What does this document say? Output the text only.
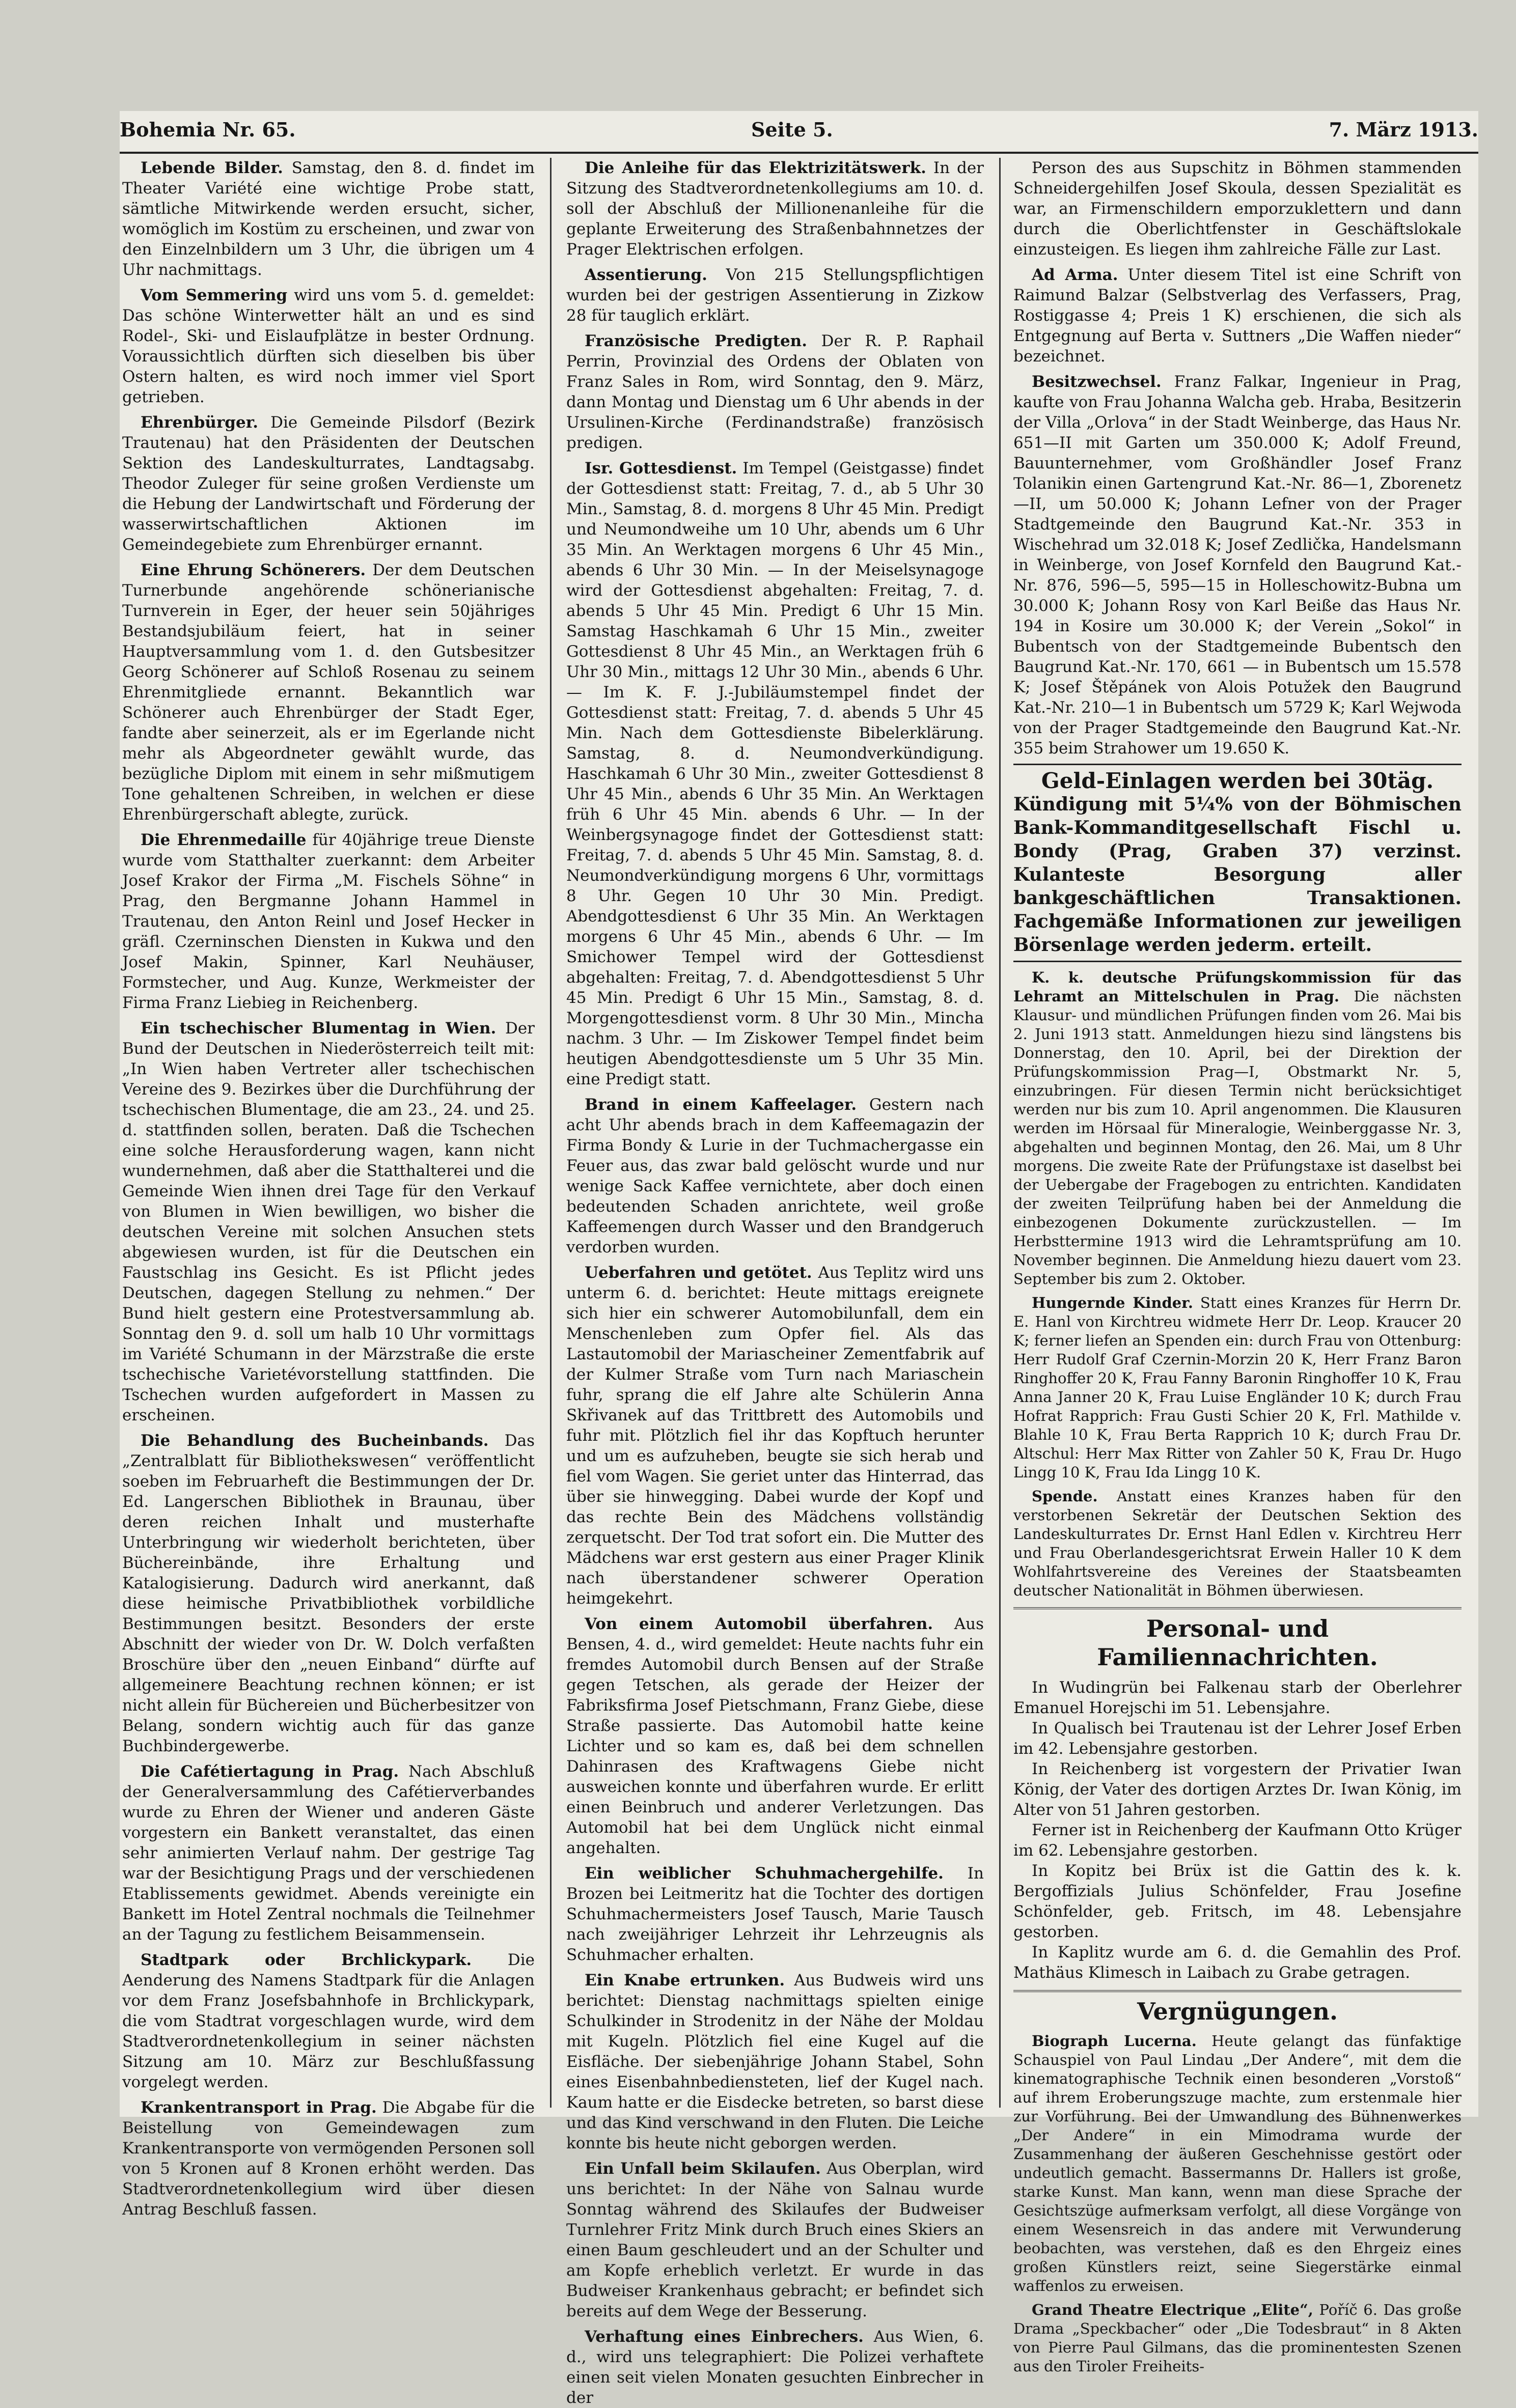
Bohemia Nr. 65.	Seite 5.	7. März 1913.

Lebende Bilder. Samstag, den 8. d. findet im Theater Variété eine wichtige Probe statt, sämtliche Mitwirkende werden ersucht, sicher, womöglich im Kostüm zu erscheinen, und zwar von den Einzelnbildern um 3 Uhr, die übrigen um 4 Uhr nachmittags.

Vom Semmering wird uns vom 5. d. gemeldet: Das schöne Winterwetter hält an und es sind Rodel-, Ski- und Eislaufplätze in bester Ordnung. Voraussichtlich dürften sich dieselben bis über Ostern halten, es wird noch immer viel Sport getrieben.

Ehrenbürger. Die Gemeinde Pilsdorf (Bezirk Trautenau) hat den Präsidenten der Deutschen Sektion des Landeskulturrates, Landtagsabg. Theodor Zuleger für seine großen Verdienste um die Hebung der Landwirtschaft und Förderung der wasserwirtschaftlichen Aktionen im Gemeindegebiete zum Ehrenbürger ernannt.

Eine Ehrung Schönerers. Der dem Deutschen Turnerbunde angehörende schönerianische Turnverein in Eger, der heuer sein 50jähriges Bestandsjubiläum feiert, hat in seiner Hauptversammlung vom 1. d. den Gutsbesitzer Georg Schönerer auf Schloß Rosenau zu seinem Ehrenmitgliede ernannt. Bekanntlich war Schönerer auch Ehrenbürger der Stadt Eger, fandte aber seinerzeit, als er im Egerlande nicht mehr als Abgeordneter gewählt wurde, das bezügliche Diplom mit einem in sehr mißmutigem Tone gehaltenen Schreiben, in welchen er diese Ehrenbürgerschaft ablegte, zurück.

Die Ehrenmedaille für 40jährige treue Dienste wurde vom Statthalter zuerkannt: dem Arbeiter Josef Krakor der Firma „M. Fischels Söhne“ in Prag, den Bergmanne Johann Hammel in Trautenau, den Anton Reinl und Josef Hecker in gräfl. Czerninschen Diensten in Kukwa und den Josef Makin, Spinner, Karl Neuhäuser, Formstecher, und Aug. Kunze, Werkmeister der Firma Franz Liebieg in Reichenberg.

Ein tschechischer Blumentag in Wien. Der Bund der Deutschen in Niederösterreich teilt mit: „In Wien haben Vertreter aller tschechischen Vereine des 9. Bezirkes über die Durchführung der tschechischen Blumentage, die am 23., 24. und 25. d. stattfinden sollen, beraten. Daß die Tschechen eine solche Herausforderung wagen, kann nicht wundernehmen, daß aber die Statthalterei und die Gemeinde Wien ihnen drei Tage für den Verkauf von Blumen in Wien bewilligen, wo bisher die deutschen Vereine mit solchen Ansuchen stets abgewiesen wurden, ist für die Deutschen ein Faustschlag ins Gesicht. Es ist Pflicht jedes Deutschen, dagegen Stellung zu nehmen.“ Der Bund hielt gestern eine Protestversammlung ab. Sonntag den 9. d. soll um halb 10 Uhr vormittags im Variété Schumann in der Märzstraße die erste tschechische Varietévorstellung stattfinden. Die Tschechen wurden aufgefordert in Massen zu erscheinen.

Die Behandlung des Bucheinbands. Das „Zentralblatt für Bibliothekswesen“ veröffentlicht soeben im Februarheft die Bestimmungen der Dr. Ed. Langerschen Bibliothek in Braunau, über deren reichen Inhalt und musterhafte Unterbringung wir wiederholt berichteten, über Büchereinbände, ihre Erhaltung und Katalogisierung. Dadurch wird anerkannt, daß diese heimische Privatbibliothek vorbildliche Bestimmungen besitzt. Besonders der erste Abschnitt der wieder von Dr. W. Dolch verfaßten Broschüre über den „neuen Einband“ dürfte auf allgemeinere Beachtung rechnen können; er ist nicht allein für Büchereien und Bücherbesitzer von Belang, sondern wichtig auch für das ganze Buchbindergewerbe.

Die Cafétiertagung in Prag. Nach Abschluß der Generalversammlung des Cafétierverbandes wurde zu Ehren der Wiener und anderen Gäste vorgestern ein Bankett veranstaltet, das einen sehr animierten Verlauf nahm. Der gestrige Tag war der Besichtigung Prags und der verschiedenen Etablissements gewidmet. Abends vereinigte ein Bankett im Hotel Zentral nochmals die Teilnehmer an der Tagung zu festlichem Beisammensein.

Stadtpark oder Brchlickypark. Die Aenderung des Namens Stadtpark für die Anlagen vor dem Franz Josefsbahnhofe in Brchlickypark, die vom Stadtrat vorgeschlagen wurde, wird dem Stadtverordnetenkollegium in seiner nächsten Sitzung am 10. März zur Beschlußfassung vorgelegt werden.

Krankentransport in Prag. Die Abgabe für die Beistellung von Gemeindewagen zum Krankentransporte von vermögenden Personen soll von 5 Kronen auf 8 Kronen erhöht werden. Das Stadtverordnetenkollegium wird über diesen Antrag Beschluß fassen.

Die Anleihe für das Elektrizitätswerk. In der Sitzung des Stadtverordnetenkollegiums am 10. d. soll der Abschluß der Millionenanleihe für die geplante Erweiterung des Straßenbahnnetzes der Prager Elektrischen erfolgen.

Assentierung. Von 215 Stellungspflichtigen wurden bei der gestrigen Assentierung in Zizkow 28 für tauglich erklärt.

Französische Predigten. Der R. P. Raphail Perrin, Provinzial des Ordens der Oblaten von Franz Sales in Rom, wird Sonntag, den 9. März, dann Montag und Dienstag um 6 Uhr abends in der Ursulinen-Kirche (Ferdinandstraße) französisch predigen.

Isr. Gottesdienst. Im Tempel (Geistgasse) findet der Gottesdienst statt: Freitag, 7. d., ab 5 Uhr 30 Min., Samstag, 8. d. morgens 8 Uhr 45 Min. Predigt und Neumondweihe um 10 Uhr, abends um 6 Uhr 35 Min. An Werktagen morgens 6 Uhr 45 Min., abends 6 Uhr 30 Min. — In der Meiselsynagoge wird der Gottesdienst abgehalten: Freitag, 7. d. abends 5 Uhr 45 Min. Predigt 6 Uhr 15 Min. Samstag Haschkamah 6 Uhr 15 Min., zweiter Gottesdienst 8 Uhr 45 Min., an Werktagen früh 6 Uhr 30 Min., mittags 12 Uhr 30 Min., abends 6 Uhr. — Im K. F. J.-Jubiläumstempel findet der Gottesdienst statt: Freitag, 7. d. abends 5 Uhr 45 Min. Nach dem Gottesdienste Bibelerklärung. Samstag, 8. d. Neumondverkündigung. Haschkamah 6 Uhr 30 Min., zweiter Gottesdienst 8 Uhr 45 Min., abends 6 Uhr 35 Min. An Werktagen früh 6 Uhr 45 Min. abends 6 Uhr. — In der Weinbergsynagoge findet der Gottesdienst statt: Freitag, 7. d. abends 5 Uhr 45 Min. Samstag, 8. d. Neumondverkündigung morgens 6 Uhr, vormittags 8 Uhr. Gegen 10 Uhr 30 Min. Predigt. Abendgottesdienst 6 Uhr 35 Min. An Werktagen morgens 6 Uhr 45 Min., abends 6 Uhr. — Im Smichower Tempel wird der Gottesdienst abgehalten: Freitag, 7. d. Abendgottesdienst 5 Uhr 45 Min. Predigt 6 Uhr 15 Min., Samstag, 8. d. Morgengottesdienst vorm. 8 Uhr 30 Min., Mincha nachm. 3 Uhr. — Im Ziskower Tempel findet beim heutigen Abendgottesdienste um 5 Uhr 35 Min. eine Predigt statt.

Brand in einem Kaffeelager. Gestern nach acht Uhr abends brach in dem Kaffeemagazin der Firma Bondy & Lurie in der Tuchmachergasse ein Feuer aus, das zwar bald gelöscht wurde und nur wenige Sack Kaffee vernichtete, aber doch einen bedeutenden Schaden anrichtete, weil große Kaffeemengen durch Wasser und den Brandgeruch verdorben wurden.

Ueberfahren und getötet. Aus Teplitz wird uns unterm 6. d. berichtet: Heute mittags ereignete sich hier ein schwerer Automobilunfall, dem ein Menschenleben zum Opfer fiel. Als das Lastautomobil der Mariascheiner Zementfabrik auf der Kulmer Straße vom Turn nach Mariaschein fuhr, sprang die elf Jahre alte Schülerin Anna Skřivanek auf das Trittbrett des Automobils und fuhr mit. Plötzlich fiel ihr das Kopftuch herunter und um es aufzuheben, beugte sie sich herab und fiel vom Wagen. Sie geriet unter das Hinterrad, das über sie hinwegging. Dabei wurde der Kopf und das rechte Bein des Mädchens vollständig zerquetscht. Der Tod trat sofort ein. Die Mutter des Mädchens war erst gestern aus einer Prager Klinik nach überstandener schwerer Operation heimgekehrt.

Von einem Automobil überfahren. Aus Bensen, 4. d., wird gemeldet: Heute nachts fuhr ein fremdes Automobil durch Bensen auf der Straße gegen Tetschen, als gerade der Heizer der Fabriksfirma Josef Pietschmann, Franz Giebe, diese Straße passierte. Das Automobil hatte keine Lichter und so kam es, daß bei dem schnellen Dahinrasen des Kraftwagens Giebe nicht ausweichen konnte und überfahren wurde. Er erlitt einen Beinbruch und anderer Verletzungen. Das Automobil hat bei dem Unglück nicht einmal angehalten.

Ein weiblicher Schuhmachergehilfe. In Brozen bei Leitmeritz hat die Tochter des dortigen Schuhmachermeisters Josef Tausch, Marie Tausch nach zweijähriger Lehrzeit ihr Lehrzeugnis als Schuhmacher erhalten.

Ein Knabe ertrunken. Aus Budweis wird uns berichtet: Dienstag nachmittags spielten einige Schulkinder in Strodenitz in der Nähe der Moldau mit Kugeln. Plötzlich fiel eine Kugel auf die Eisfläche. Der siebenjährige Johann Stabel, Sohn eines Eisenbahnbediensteten, lief der Kugel nach. Kaum hatte er die Eisdecke betreten, so barst diese und das Kind verschwand in den Fluten. Die Leiche konnte bis heute nicht geborgen werden.

Ein Unfall beim Skilaufen. Aus Oberplan, wird uns berichtet: In der Nähe von Salnau wurde Sonntag während des Skilaufes der Budweiser Turnlehrer Fritz Mink durch Bruch eines Skiers an einen Baum geschleudert und an der Schulter und am Kopfe erheblich verletzt. Er wurde in das Budweiser Krankenhaus gebracht; er befindet sich bereits auf dem Wege der Besserung.

Verhaftung eines Einbrechers. Aus Wien, 6. d., wird uns telegraphiert: Die Polizei verhaftete einen seit vielen Monaten gesuchten Einbrecher in der

Person des aus Supschitz in Böhmen stammenden Schneidergehilfen Josef Skoula, dessen Spezialität es war, an Firmenschildern emporzuklettern und dann durch die Oberlichtfenster in Geschäftslokale einzusteigen. Es liegen ihm zahlreiche Fälle zur Last.

Ad Arma. Unter diesem Titel ist eine Schrift von Raimund Balzar (Selbstverlag des Verfassers, Prag, Rostiggasse 4; Preis 1 K) erschienen, die sich als Entgegnung auf Berta v. Suttners „Die Waffen nieder“ bezeichnet.

Besitzwechsel. Franz Falkar, Ingenieur in Prag, kaufte von Frau Johanna Walcha geb. Hraba, Besitzerin der Villa „Orlova“ in der Stadt Weinberge, das Haus Nr. 651—II mit Garten um 350.000 K; Adolf Freund, Bauunternehmer, vom Großhändler Josef Franz Tolanikin einen Gartengrund Kat.-Nr. 86—1, Zborenetz—II, um 50.000 K; Johann Lefner von der Prager Stadtgemeinde den Baugrund Kat.-Nr. 353 in Wischehrad um 32.018 K; Josef Zedlička, Handelsmann in Weinberge, von Josef Kornfeld den Baugrund Kat.-Nr. 876, 596—5, 595—15 in Holleschowitz-Bubna um 30.000 K; Johann Rosy von Karl Beiße das Haus Nr. 194 in Kosire um 30.000 K; der Verein „Sokol“ in Bubentsch von der Stadtgemeinde Bubentsch den Baugrund Kat.-Nr. 170, 661 — in Bubentsch um 15.578 K; Josef Štěpánek von Alois Potužek den Baugrund Kat.-Nr. 210—1 in Bubentsch um 5729 K; Karl Wejwoda von der Prager Stadtgemeinde den Baugrund Kat.-Nr. 355 beim Strahower um 19.650 K.

Geld-Einlagen werden bei 30täg.
Kündigung mit 5¼% von der Böhmischen Bank-Kommanditgesellschaft Fischl u. Bondy (Prag, Graben 37) verzinst. Kulanteste Besorgung aller bankgeschäftlichen Transaktionen. Fachgemäße Informationen zur jeweiligen Börsenlage werden jederm. erteilt.

K. k. deutsche Prüfungskommission für das Lehramt an Mittelschulen in Prag. Die nächsten Klausur- und mündlichen Prüfungen finden vom 26. Mai bis 2. Juni 1913 statt. Anmeldungen hiezu sind längstens bis Donnerstag, den 10. April, bei der Direktion der Prüfungskommission Prag—I, Obstmarkt Nr. 5, einzubringen. Für diesen Termin nicht berücksichtiget werden nur bis zum 10. April angenommen. Die Klausuren werden im Hörsaal für Mineralogie, Weinberggasse Nr. 3, abgehalten und beginnen Montag, den 26. Mai, um 8 Uhr morgens. Die zweite Rate der Prüfungstaxe ist daselbst bei der Uebergabe der Fragebogen zu entrichten. Kandidaten der zweiten Teilprüfung haben bei der Anmeldung die einbezogenen Dokumente zurückzustellen. — Im Herbsttermine 1913 wird die Lehramtsprüfung am 10. November beginnen. Die Anmeldung hiezu dauert vom 23. September bis zum 2. Oktober.

Hungernde Kinder. Statt eines Kranzes für Herrn Dr. E. Hanl von Kirchtreu widmete Herr Dr. Leop. Kraucer 20 K; ferner liefen an Spenden ein: durch Frau von Ottenburg: Herr Rudolf Graf Czernin-Morzin 20 K, Herr Franz Baron Ringhoffer 20 K, Frau Fanny Baronin Ringhoffer 10 K, Frau Anna Janner 20 K, Frau Luise Engländer 10 K; durch Frau Hofrat Rapprich: Frau Gusti Schier 20 K, Frl. Mathilde v. Blahle 10 K, Frau Berta Rapprich 10 K; durch Frau Dr. Altschul: Herr Max Ritter von Zahler 50 K, Frau Dr. Hugo Lingg 10 K, Frau Ida Lingg 10 K.

Spende. Anstatt eines Kranzes haben für den verstorbenen Sekretär der Deutschen Sektion des Landeskulturrates Dr. Ernst Hanl Edlen v. Kirchtreu Herr und Frau Oberlandesgerichtsrat Erwein Haller 10 K dem Wohlfahrtsvereine des Vereines der Staatsbeamten deutscher Nationalität in Böhmen überwiesen.

Personal- und Familiennachrichten.

In Wudingrün bei Falkenau starb der Oberlehrer Emanuel Horejschi im 51. Lebensjahre.

In Qualisch bei Trautenau ist der Lehrer Josef Erben im 42. Lebensjahre gestorben.

In Reichenberg ist vorgestern der Privatier Iwan König, der Vater des dortigen Arztes Dr. Iwan König, im Alter von 51 Jahren gestorben.

Ferner ist in Reichenberg der Kaufmann Otto Krüger im 62. Lebensjahre gestorben.

In Kopitz bei Brüx ist die Gattin des k. k. Bergoffizials Julius Schönfelder, Frau Josefine Schönfelder, geb. Fritsch, im 48. Lebensjahre gestorben.

In Kaplitz wurde am 6. d. die Gemahlin des Prof. Mathäus Klimesch in Laibach zu Grabe getragen.

Vergnügungen.

Biograph Lucerna. Heute gelangt das fünfaktige Schauspiel von Paul Lindau „Der Andere“, mit dem die kinematographische Technik einen besonderen „Vorstoß“ auf ihrem Eroberungszuge machte, zum erstenmale hier zur Vorführung. Bei der Umwandlung des Bühnenwerkes „Der Andere“ in ein Mimodrama wurde der Zusammenhang der äußeren Geschehnisse gestört oder undeutlich gemacht. Bassermanns Dr. Hallers ist große, starke Kunst. Man kann, wenn man diese Sprache der Gesichtszüge aufmerksam verfolgt, all diese Vorgänge von einem Wesensreich in das andere mit Verwunderung beobachten, was verstehen, daß es den Ehrgeiz eines großen Künstlers reizt, seine Siegerstärke einmal waffenlos zu erweisen.

Grand Theatre Electrique „Elite“, Poříč 6. Das große Drama „Speckbacher“ oder „Die Todesbraut“ in 8 Akten von Pierre Paul Gilmans, das die prominentesten Szenen aus den Tiroler Freiheits-
